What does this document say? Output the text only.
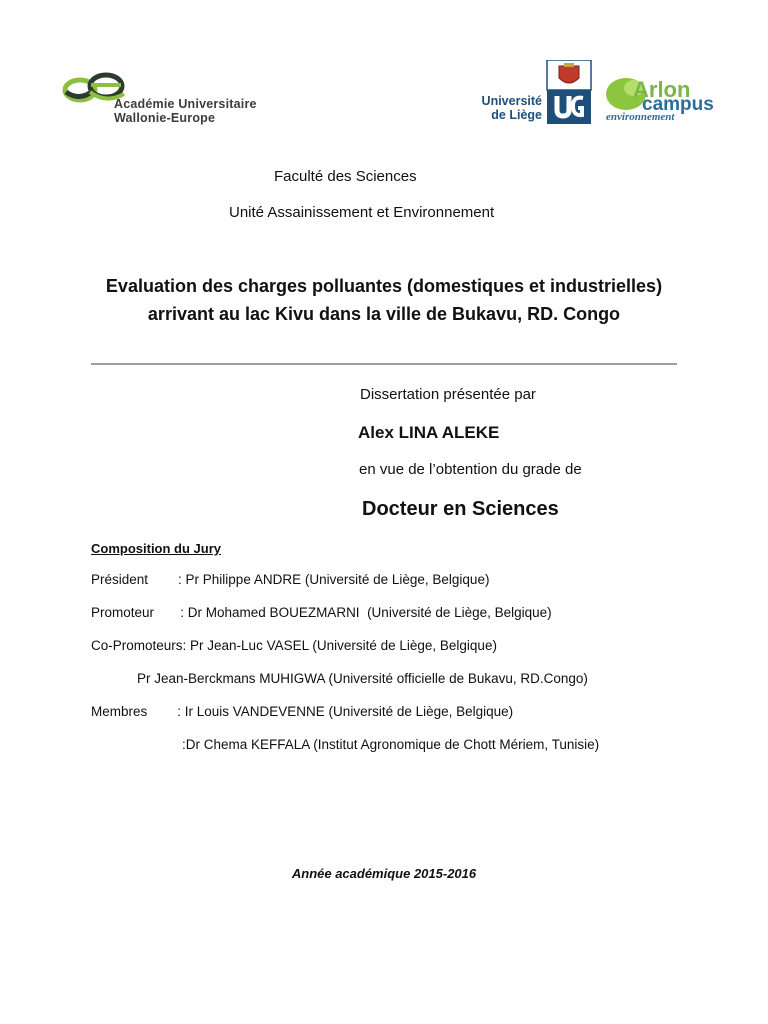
Académie Universitaire
Wallonie-Europe
Université
de Liège
Arlon
campus
environnement
Faculté des Sciences
Unité Assainissement et Environnement
Evaluation des charges polluantes (domestiques et industrielles)
arrivant au lac Kivu dans la ville de Bukavu, RD. Congo
Dissertation présentée par
Alex LINA ALEKE
en vue de l’obtention du grade de
Docteur en Sciences
Composition du Jury
Président        : Pr Philippe ANDRE (Université de Liège, Belgique)
Promoteur       : Dr Mohamed BOUEZMARNI  (Université de Liège, Belgique)
Co-Promoteurs: Pr Jean-Luc VASEL (Université de Liège, Belgique)
Pr Jean-Berckmans MUHIGWA (Université officielle de Bukavu, RD.Congo)
Membres        : Ir Louis VANDEVENNE (Université de Liège, Belgique)
:Dr Chema KEFFALA (Institut Agronomique de Chott Mériem, Tunisie)
Année académique 2015-2016
